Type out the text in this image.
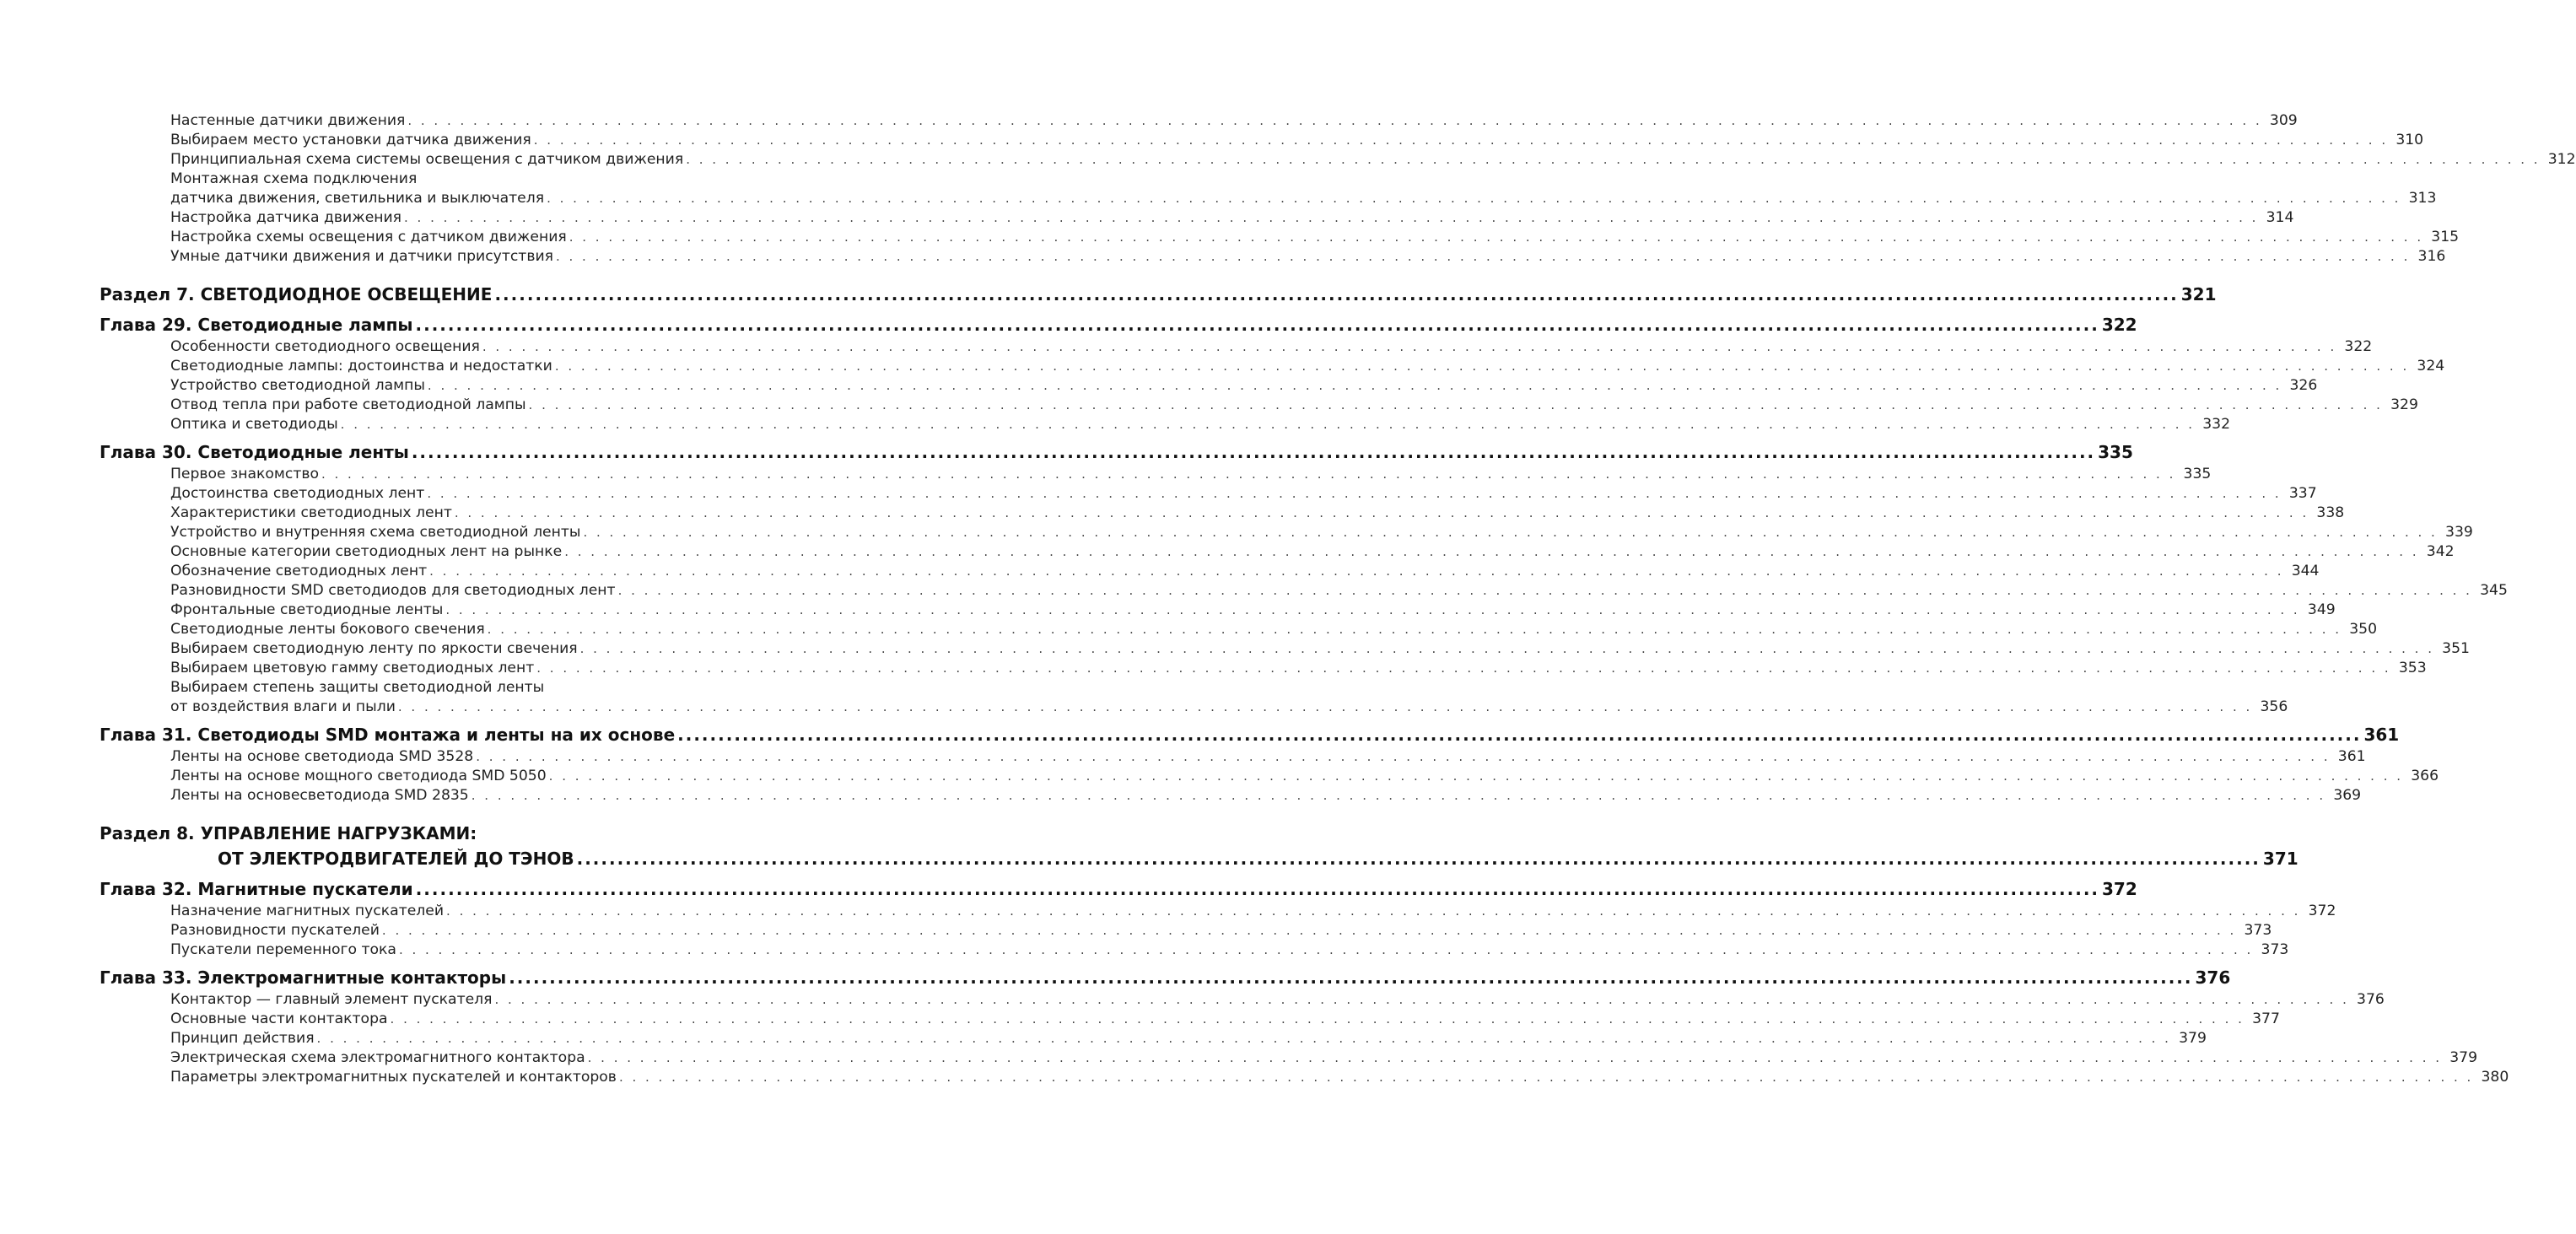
Настенные датчики движения . . .	309
Выбираем место установки датчика движения . . .	310
Принципиальная схема системы освещения с датчиком движения . . .	312
Монтажная схема подключения
датчика движения, светильника и выключателя . . .	313
Настройка датчика движения . . .	314
Настройка схемы освещения с датчиком движения . . .	315
Умные датчики движения и датчики присутствия . . .	316
Раздел 7. СВЕТОДИОДНОЕ ОСВЕЩЕНИЕ .....	321
Глава 29. Светодиодные лампы .....	322
Особенности светодиодного освещения . . .	322
Светодиодные лампы: достоинства и недостатки . . .	324
Устройство светодиодной лампы . . .	326
Отвод тепла при работе светодиодной лампы . . .	329
Оптика и светодиоды . . .	332
Глава 30. Светодиодные ленты .....	335
Первое знакомство . . .	335
Достоинства светодиодных лент . . .	337
Характеристики светодиодных лент . . .	338
Устройство и внутренняя схема светодиодной ленты . . .	339
Основные категории светодиодных лент на рынке . . .	342
Обозначение светодиодных лент . . .	344
Разновидности SMD светодиодов для светодиодных лент . . .	345
Фронтальные светодиодные ленты . . .	349
Светодиодные ленты бокового свечения . . .	350
Выбираем светодиодную ленту по яркости свечения . . .	351
Выбираем цветовую гамму светодиодных лент . . .	353
Выбираем степень защиты светодиодной ленты
от воздействия влаги и пыли . . .	356
Глава 31. Светодиоды SMD монтажа и ленты на их основе .....	361
Ленты на основе светодиода SMD 3528 . . .	361
Ленты на основе мощного светодиода SMD 5050 . . .	366
Ленты на основесветодиода SMD 2835 . . .	369
Раздел 8. УПРАВЛЕНИЕ НАГРУЗКАМИ:
ОТ ЭЛЕКТРОДВИГАТЕЛЕЙ ДО ТЭНОВ .....	371
Глава 32. Магнитные пускатели .....	372
Назначение магнитных пускателей . . .	372
Разновидности пускателей . . .	373
Пускатели переменного тока . . .	373
Глава 33. Электромагнитные контакторы .....	376
Контактор — главный элемент пускателя . . .	376
Основные части контактора . . .	377
Принцип действия . . .	379
Электрическая схема электромагнитного контактора . . .	379
Параметры электромагнитных пускателей и контакторов . . .	380
